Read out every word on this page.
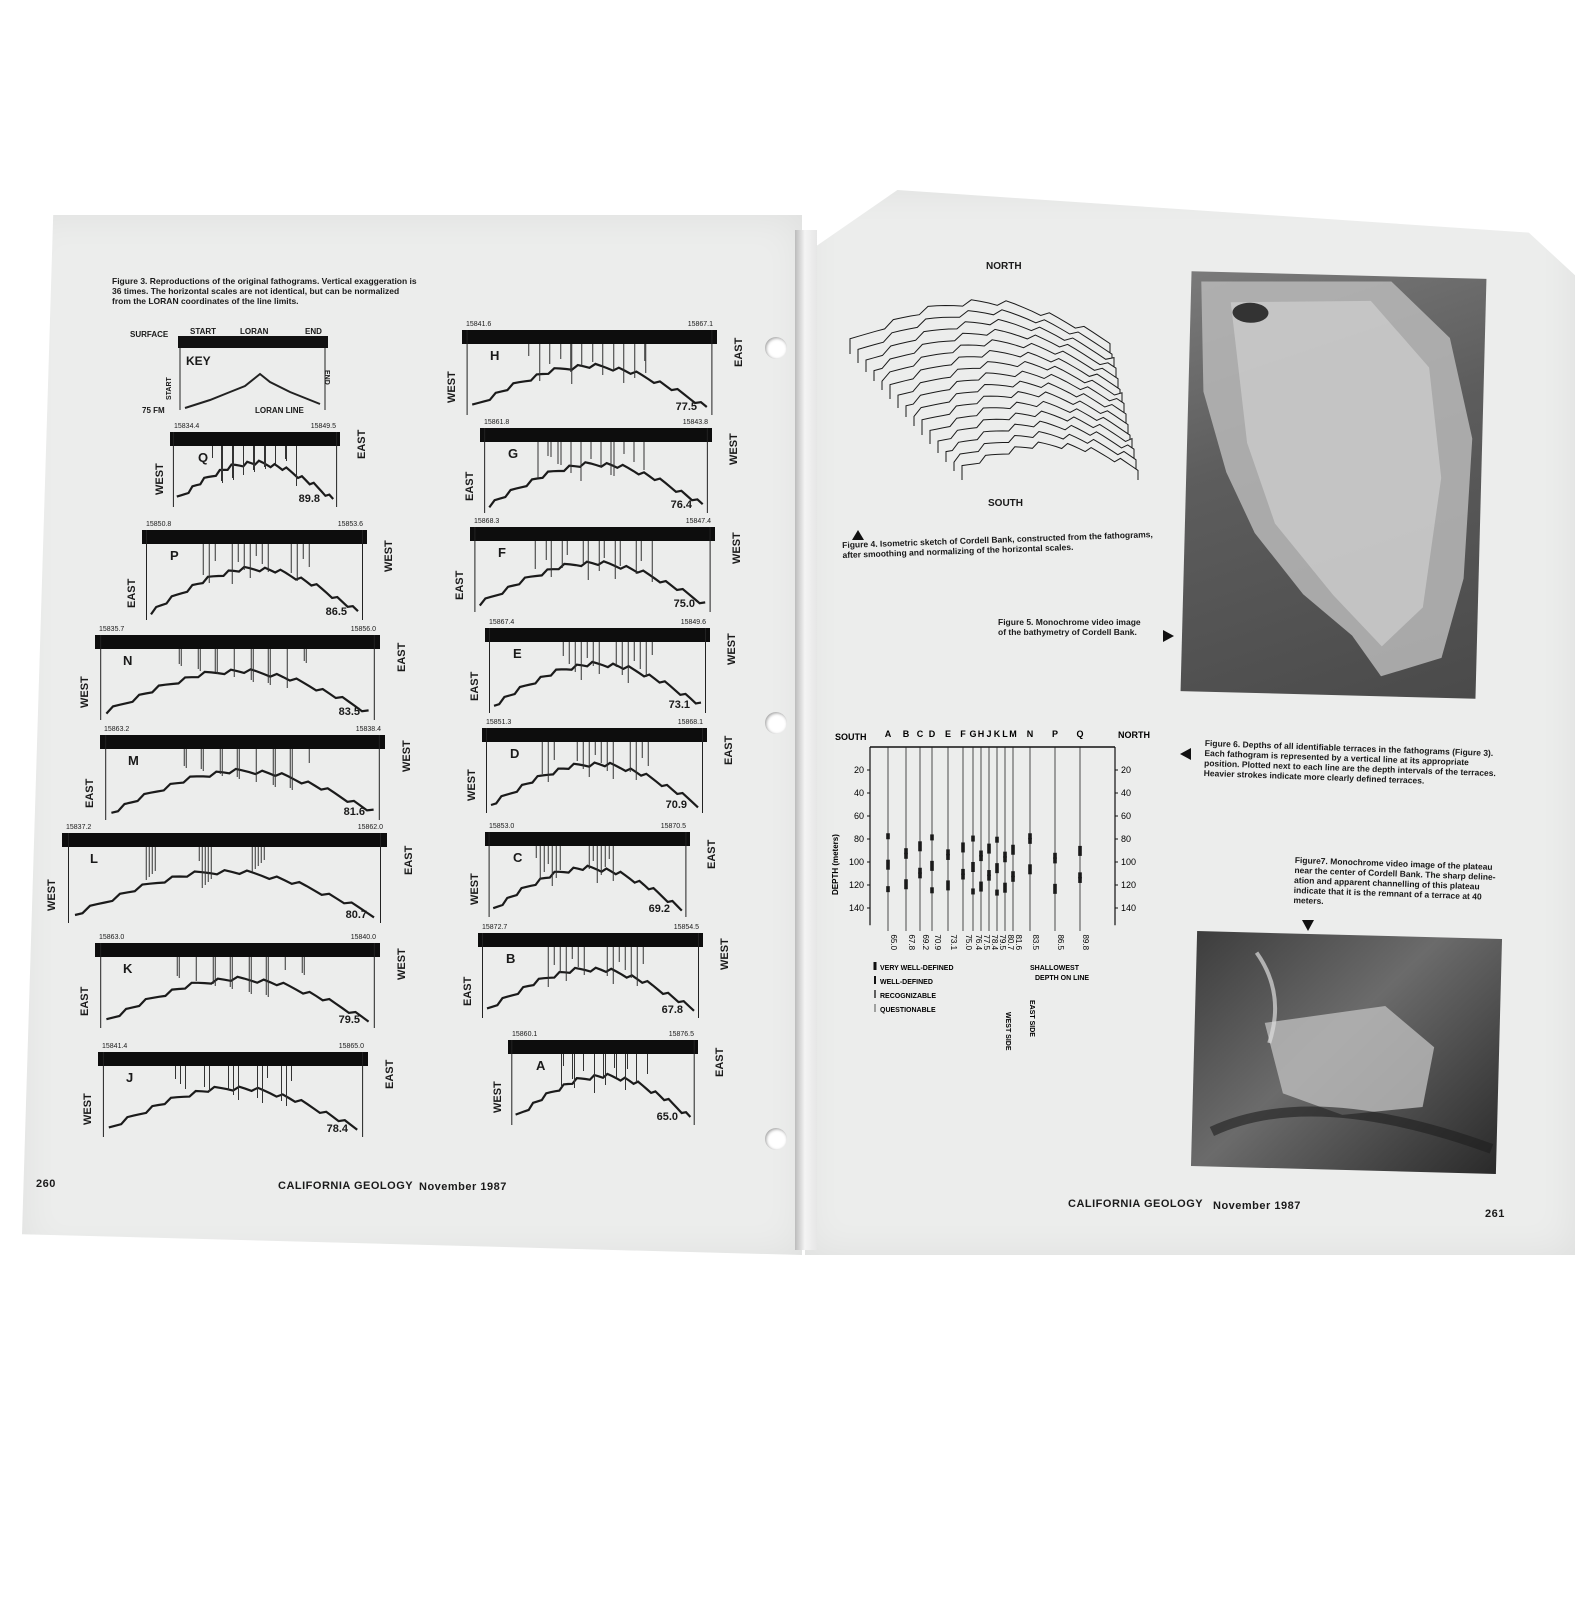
Figure 3. Reproductions of the original fathograms. Vertical exaggeration is
36 times. The horizontal scales are not identical, but can be normalized
from the LORAN coordinates of the line limits.
SURFACE	START	LORAN	END
KEY
START	END
75 FM	LORAN LINE
15834.4	15849.5
Q
89.8
WEST
EAST
15850.8	15853.6
P
86.5
EAST
WEST
15835.7	15856.0
N
83.5
WEST
EAST
15863.2	15838.4
M
81.6
EAST
WEST
15837.2	15862.0
L
80.7
WEST
EAST
15863.0	15840.0
K
79.5
EAST
WEST
15841.4	15865.0
J
78.4
WEST
EAST
15841.6	15867.1
H
77.5
WEST
EAST
15861.8	15843.8
G
76.4
EAST
WEST
15868.3	15847.4
F
75.0
EAST
WEST
15867.4	15849.6
E
73.1
EAST
WEST
15851.3	15868.1
D
70.9
WEST
EAST
15853.0	15870.5
C
69.2
WEST
EAST
15872.7	15854.5
B
67.8
EAST
WEST
15860.1	15876.5
A
65.0
WEST
EAST
260	CALIFORNIA GEOLOGY November 1987
NORTH
SOUTH
Figure 4. Isometric sketch of Cordell Bank, constructed from the fathograms,
after smoothing and normalizing of the horizontal scales.
Figure 5. Monochrome video image
of the bathymetry of Cordell Bank.
SOUTH	NORTH
DEPTH (meters)
20	20
40	40
60	60
80	80
100	100
120	120
140	140
A
65.0
B
67.8
C
69.2
D
70.9
E
73.1
F
75.0
G
76.4
H
77.5
J
78.4
K
79.5
L
80.7
M
81.6
N
83.5
P
86.5
Q
89.8
VERY WELL-DEFINED
WELL-DEFINED
RECOGNIZABLE
QUESTIONABLE
SHALLOWEST
DEPTH ON LINE
WEST SIDE EAST SIDE
Figure 6. Depths of all identifiable terraces in the fathograms (Figure 3).
Each fathogram is represented by a vertical line at its appropriate
position. Plotted next to each line are the depth intervals of the terraces.
Heavier strokes indicate more clearly defined terraces.
Figure7. Monochrome video image of the plateau
near the center of Cordell Bank. The sharp deline-
ation and apparent channelling of this plateau
indicate that it is the remnant of a terrace at 40
meters.
CALIFORNIA GEOLOGY November 1987
261
